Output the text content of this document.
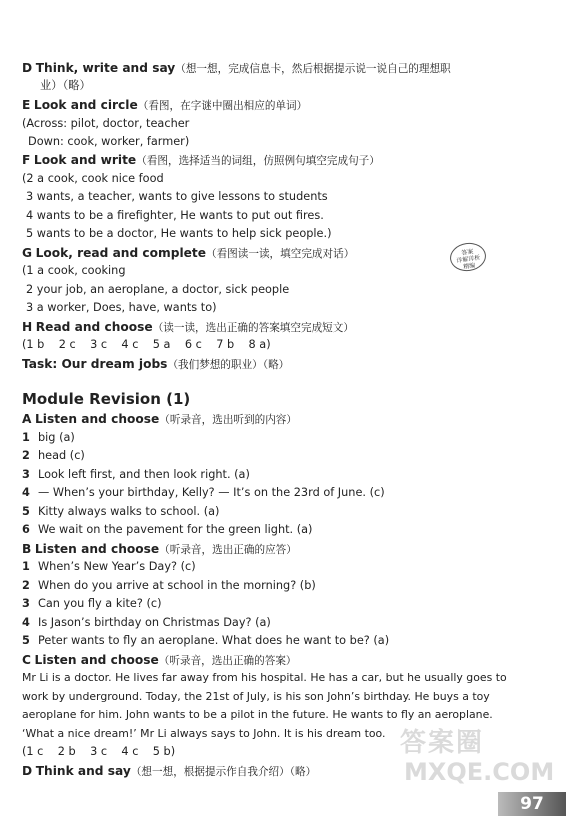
D Think, write and say（想一想，完成信息卡，然后根据提示说一说自己的理想职
业）（略）
E Look and circle（看图，在字谜中圈出相应的单词）
(Across: pilot, doctor, teacher
Down: cook, worker, farmer)
F Look and write（看图，选择适当的词组，仿照例句填空完成句子）
(2 a cook, cook nice food
3 wants, a teacher, wants to give lessons to students
4 wants to be a firefighter, He wants to put out fires.
5 wants to be a doctor, He wants to help sick people.)
G Look, read and complete（看图读一读，填空完成对话）
(1 a cook, cooking
2 your job, an aeroplane, a doctor, sick people
3 a worker, Does, have, wants to)
H Read and choose（读一读，选出正确的答案填空完成短文）
(1 b    2 c    3 c    4 c    5 a    6 c    7 b    8 a)
Task: Our dream jobs（我们梦想的职业）（略）
答案
详解详析
精编
Module Revision (1)
A Listen and choose（听录音，选出听到的内容）
1 big (a)
2 head (c)
3 Look left first, and then look right. (a)
4 — When’s your birthday, Kelly? — It’s on the 23rd of June. (c)
5 Kitty always walks to school. (a)
6 We wait on the pavement for the green light. (a)
B Listen and choose（听录音，选出正确的应答）
1 When’s New Year’s Day? (c)
2 When do you arrive at school in the morning? (b)
3 Can you fly a kite? (c)
4 Is Jason’s birthday on Christmas Day? (a)
5 Peter wants to fly an aeroplane. What does he want to be? (a)
C Listen and choose（听录音，选出正确的答案）
Mr Li is a doctor. He lives far away from his hospital. He has a car, but he usually goes to
work by underground. Today, the 21st of July, is his son John’s birthday. He buys a toy
aeroplane for him. John wants to be a pilot in the future. He wants to fly an aeroplane.
‘What a nice dream!’ Mr Li always says to John. It is his dream too.
(1 c    2 b    3 c    4 c    5 b)
D Think and say（想一想，根据提示作自我介绍）（略）
答案圈
MXQE.COM
97
